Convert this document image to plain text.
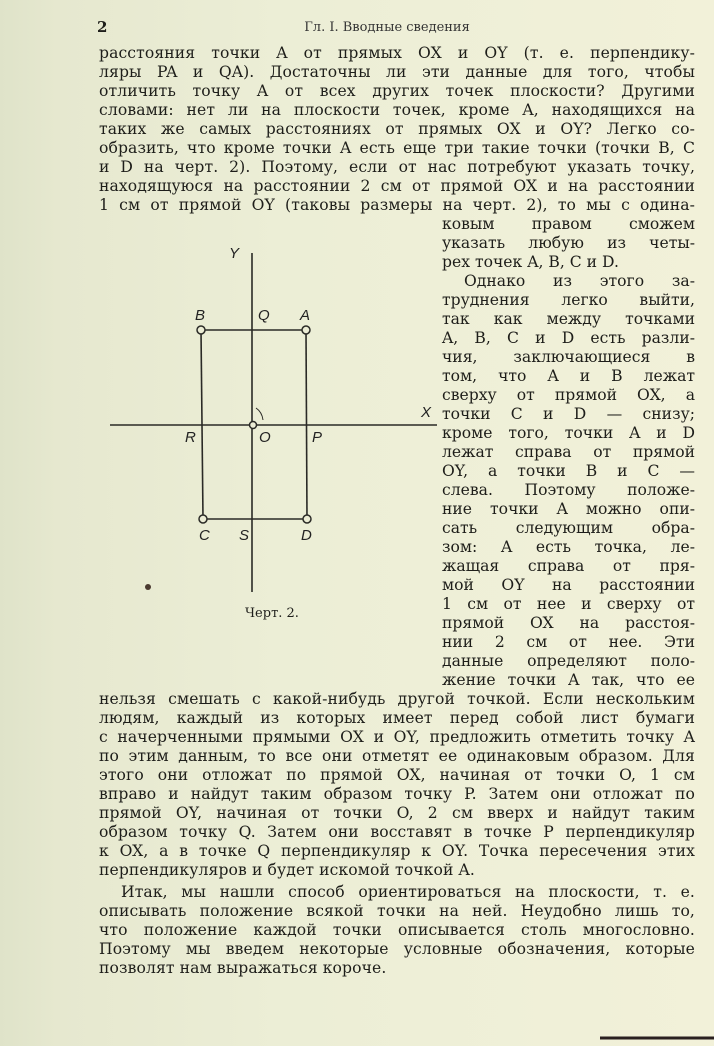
2	Гл. I. Вводные сведения
расстояния точки A от прямых OX и OY (т. е. перпендику-
ляры PA и QA). Достаточны ли эти данные для того, чтобы
отличить точку A от всех других точек плоскости? Другими
словами: нет ли на плоскости точек, кроме A, находящихся на
таких же самых расстояниях от прямых OX и OY? Легко со-
образить, что кроме точки A есть еще три такие точки (точки B, C
и D на черт. 2). Поэтому, если от нас потребуют указать точку,
находящуюся на расстоянии 2 см от прямой OX и на расстоянии
1 см от прямой OY (таковы размеры на черт. 2), то мы с одина-
ковым правом сможем
указать любую из четы-
рех точек A, B, C и D.
Однако из этого за-
труднения легко выйти,
так как между точками
A, B, C и D есть разли-
чия, заключающиеся в
том, что A и B лежат
сверху от прямой OX, а
точки C и D — снизу;
кроме того, точки A и D
лежат справа от прямой
OY, а точки B и C —
слева. Поэтому положе-
ние точки A можно опи-
сать следующим обра-
зом: A есть точка, ле-
жащая справа от пря-
мой OY на расстоянии
1 см от нее и сверху от
прямой OX на расстоя-
нии 2 см от нее. Эти
данные определяют поло-
жение точки A так, что ее
нельзя смешать с какой-нибудь другой точкой. Если нескольким
людям, каждый из которых имеет перед собой лист бумаги
с начерченными прямыми OX и OY, предложить отметить точку A
по этим данным, то все они отметят ее одинаковым образом. Для
этого они отложат по прямой OX, начиная от точки O, 1 см
вправо и найдут таким образом точку P. Затем они отложат по
прямой OY, начиная от точки O, 2 см вверх и найдут таким
образом точку Q. Затем они восставят в точке P перпендикуляр
к OX, а в точке Q перпендикуляр к OY. Точка пересечения этих
перпендикуляров и будет искомой точкой A.
Итак, мы нашли способ ориентироваться на плоскости, т. е.
описывать положение всякой точки на ней. Неудобно лишь то,
что положение каждой точки описывается столь многословно.
Поэтому мы введем некоторые условные обозначения, которые
позволят нам выражаться короче.
Y
X
B	Q A
R	O	P
C S	D
Черт. 2.
